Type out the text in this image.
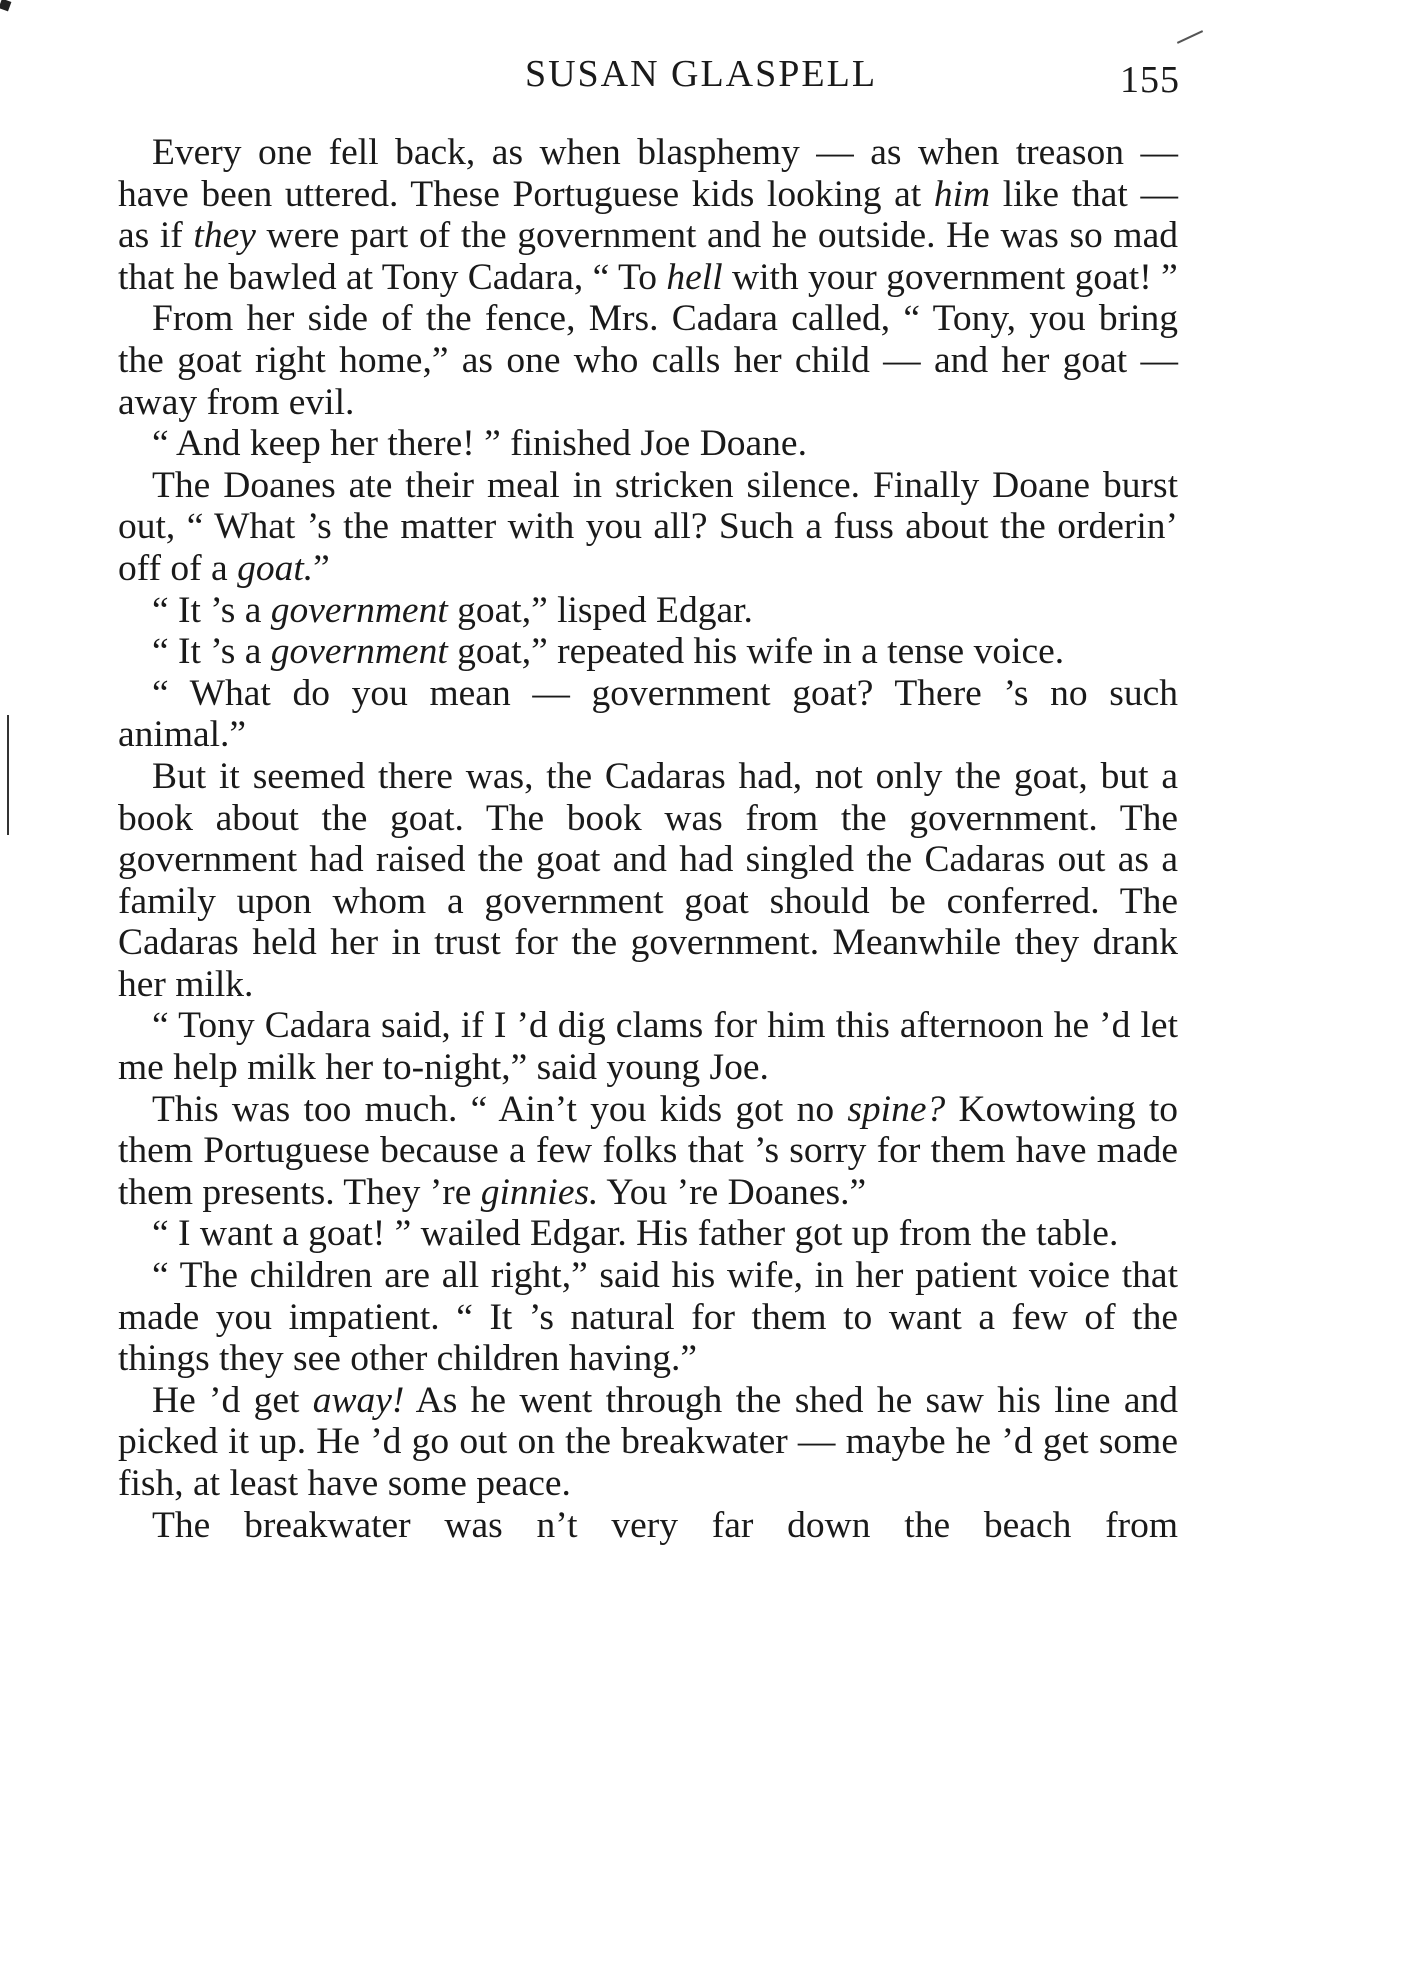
SUSAN GLASPELL	155

Every one fell back, as when blasphemy — as when treason — have been uttered. These Portuguese kids looking at him like that — as if they were part of the government and he outside. He was so mad that he bawled at Tony Cadara, “ To hell with your government goat! ”

From her side of the fence, Mrs. Cadara called, “ Tony, you bring the goat right home,” as one who calls her child — and her goat — away from evil.

“ And keep her there! ” finished Joe Doane.

The Doanes ate their meal in stricken silence. Finally Doane burst out, “ What ’s the matter with you all? Such a fuss about the orderin’ off of a goat.”

“ It ’s a government goat,” lisped Edgar.

“ It ’s a government goat,” repeated his wife in a tense voice.

“ What do you mean — government goat? There ’s no such animal.”

But it seemed there was, the Cadaras had, not only the goat, but a book about the goat. The book was from the government. The government had raised the goat and had singled the Cadaras out as a family upon whom a government goat should be conferred. The Cadaras held her in trust for the government. Meanwhile they drank her milk.

“ Tony Cadara said, if I ’d dig clams for him this afternoon he ’d let me help milk her to-night,” said young Joe.

This was too much. “ Ain’t you kids got no spine? Kowtowing to them Portuguese because a few folks that ’s sorry for them have made them presents. They ’re ginnies. You ’re Doanes.”

“ I want a goat! ” wailed Edgar. His father got up from the table.

“ The children are all right,” said his wife, in her patient voice that made you impatient. “ It ’s natural for them to want a few of the things they see other children having.”

He ’d get away! As he went through the shed he saw his line and picked it up. He ’d go out on the breakwater — maybe he ’d get some fish, at least have some peace.

The breakwater was n’t very far down the beach from
